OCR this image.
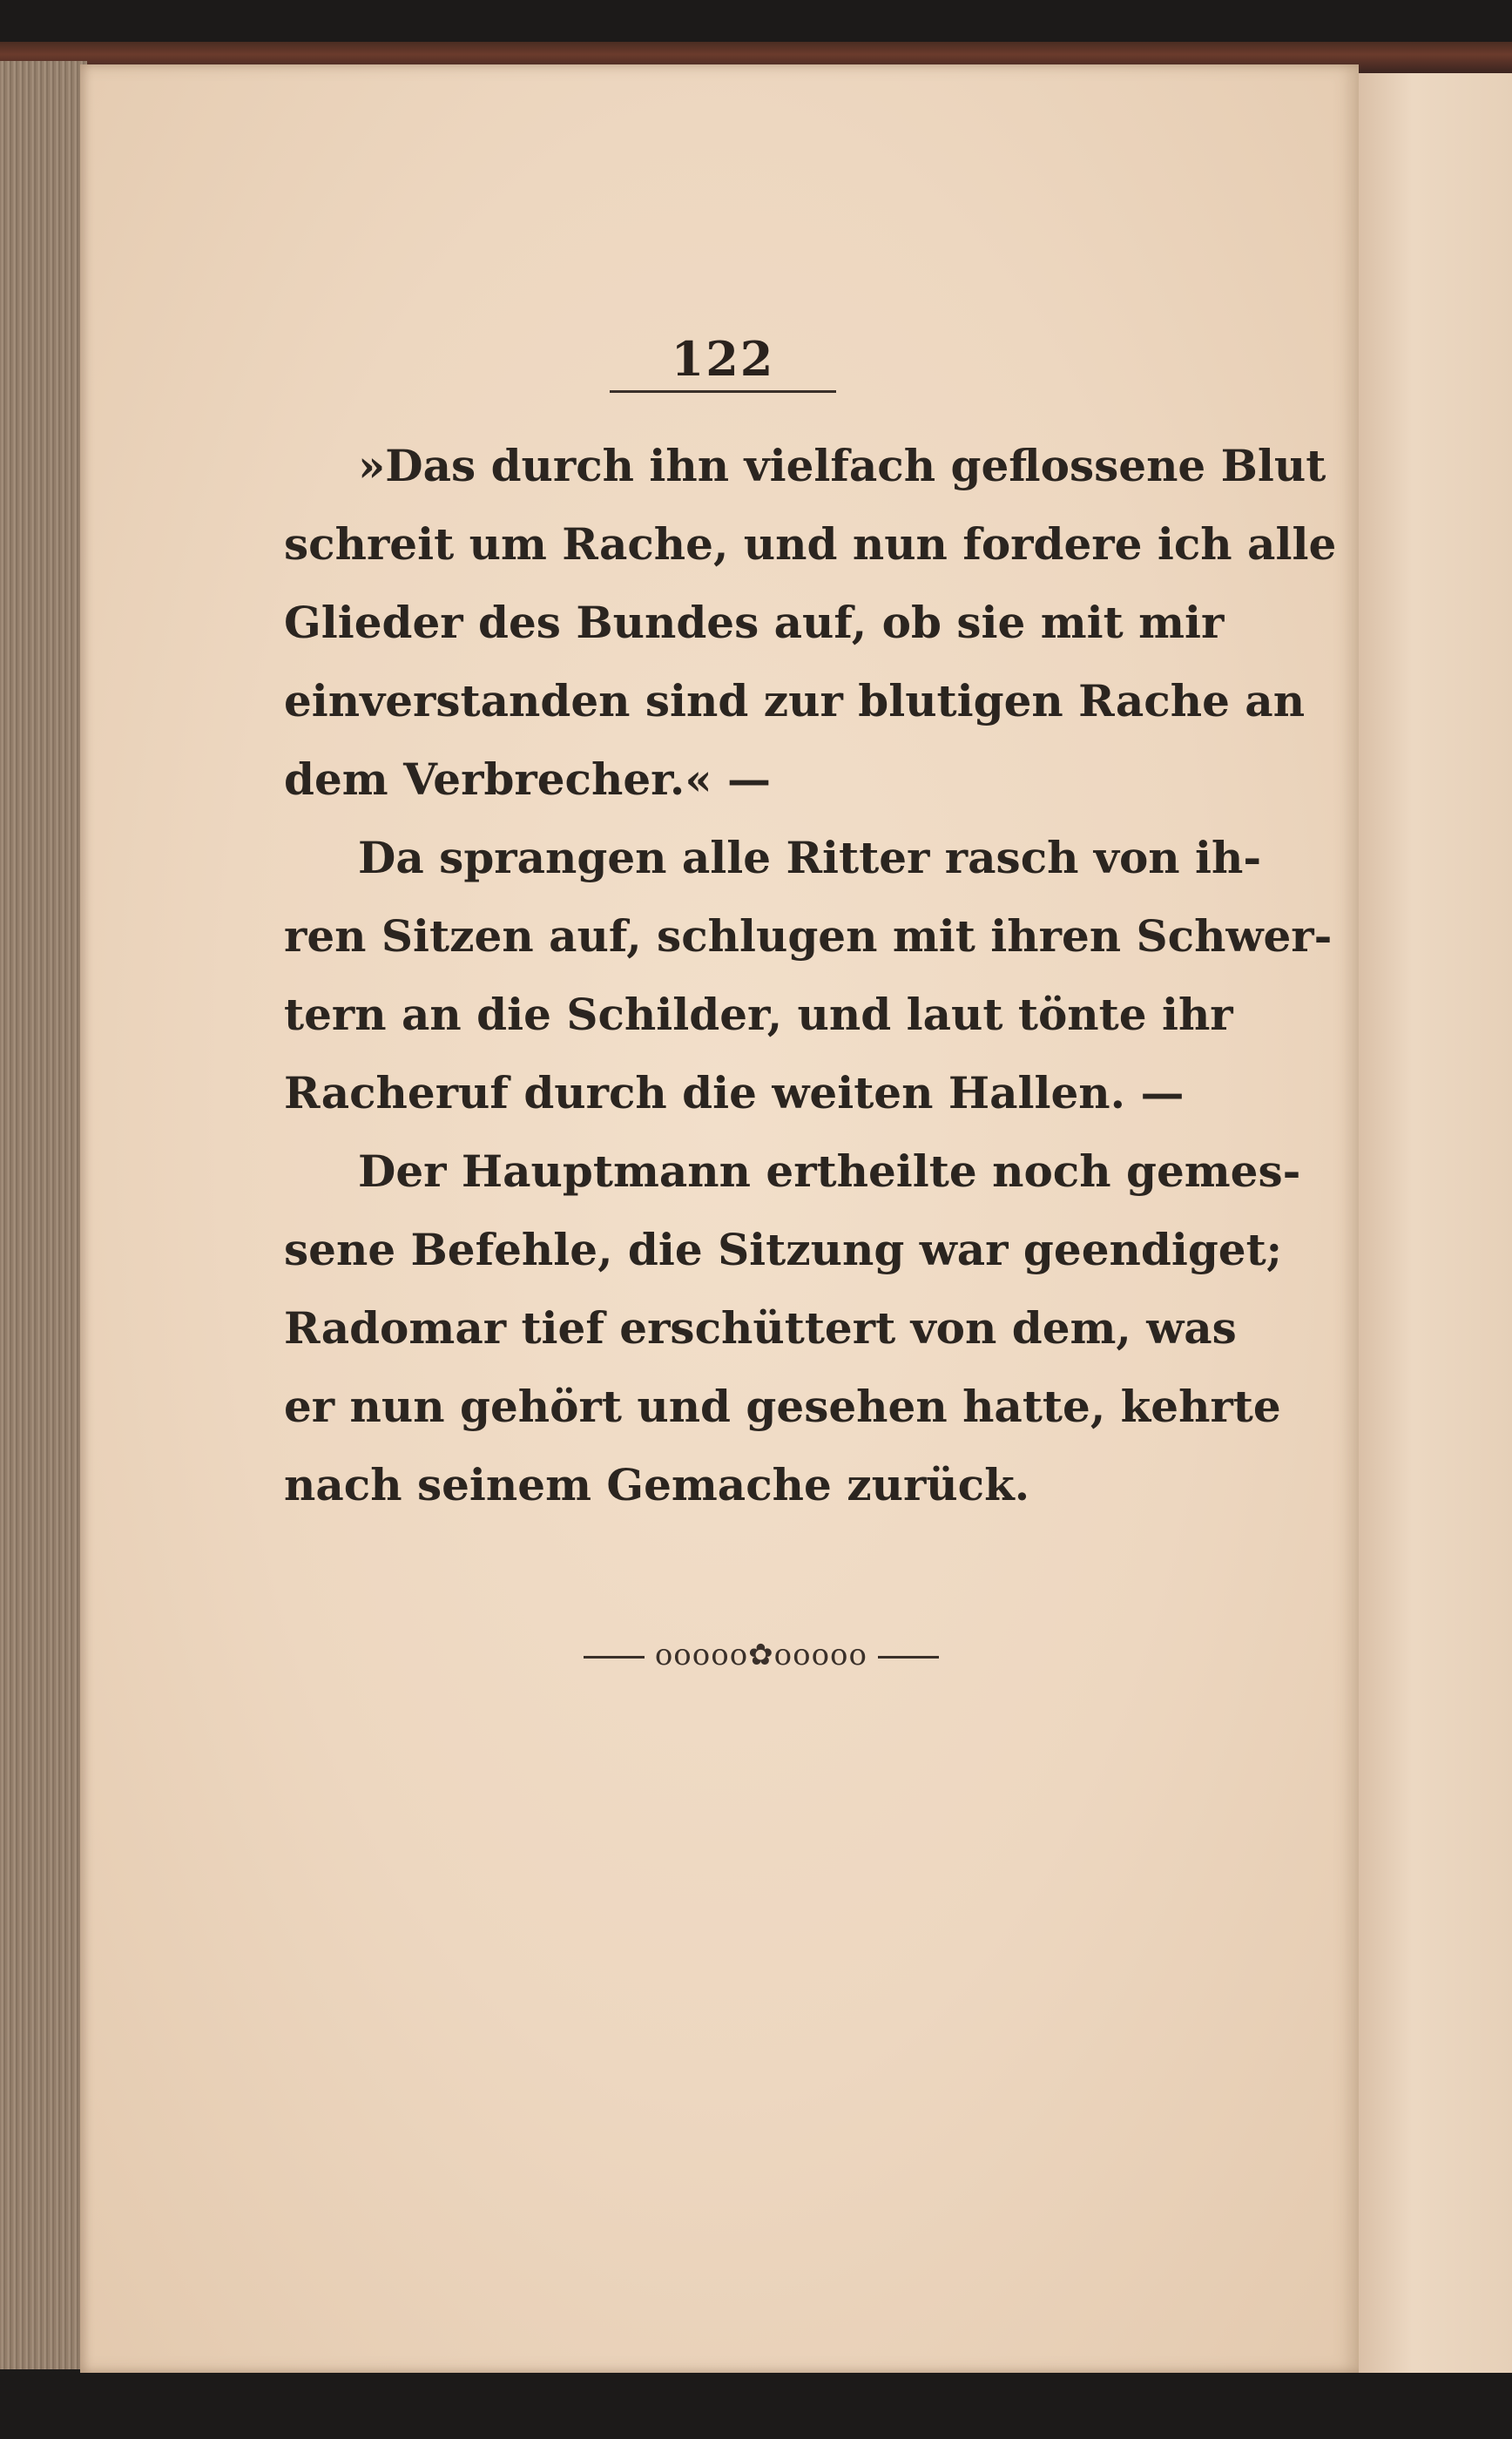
122

»Das durch ihn vielfach geflossene Blut
schreit um Rache, und nun fordere ich alle
Glieder des Bundes auf, ob sie mit mir
einverstanden sind zur blutigen Rache an
dem Verbrecher.« —

Da sprangen alle Ritter rasch von ih-
ren Sitzen auf, schlugen mit ihren Schwer-
tern an die Schilder, und laut tönte ihr
Racheruf durch die weiten Hallen. —

Der Hauptmann ertheilte noch gemes-
sene Befehle, die Sitzung war geendiget;
Radomar tief erschüttert von dem, was
er nun gehört und gesehen hatte, kehrte
nach seinem Gemache zurück.

ooooo✿ooooo
